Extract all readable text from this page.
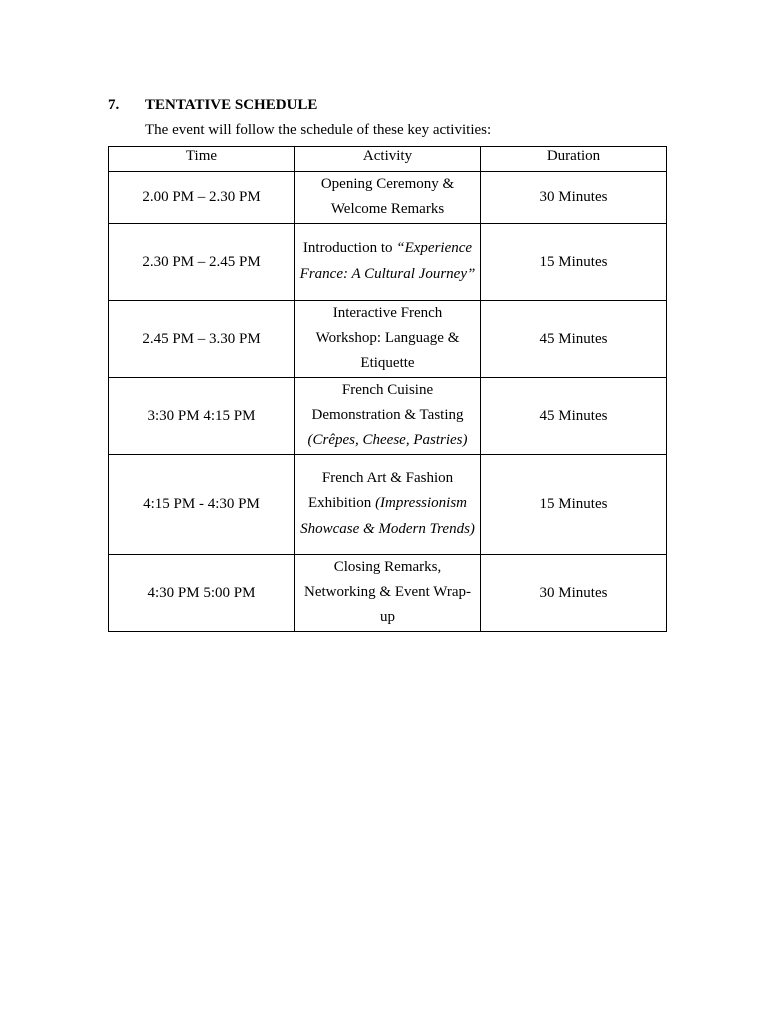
7. TENTATIVE SCHEDULE
The event will follow the schedule of these key activities:
Time	Activity	Duration
2.00 PM – 2.30 PM	Opening Ceremony & Welcome Remarks	30 Minutes
2.30 PM – 2.45 PM	Introduction to “Experience France: A Cultural Journey”	15 Minutes
2.45 PM – 3.30 PM	Interactive French Workshop: Language & Etiquette	45 Minutes
3:30 PM 4:15 PM	French Cuisine Demonstration & Tasting (Crêpes, Cheese, Pastries)	45 Minutes
4:15 PM - 4:30 PM	French Art & Fashion Exhibition (Impressionism Showcase & Modern Trends)	15 Minutes
4:30 PM 5:00 PM	Closing Remarks, Networking & Event Wrap-up	30 Minutes
